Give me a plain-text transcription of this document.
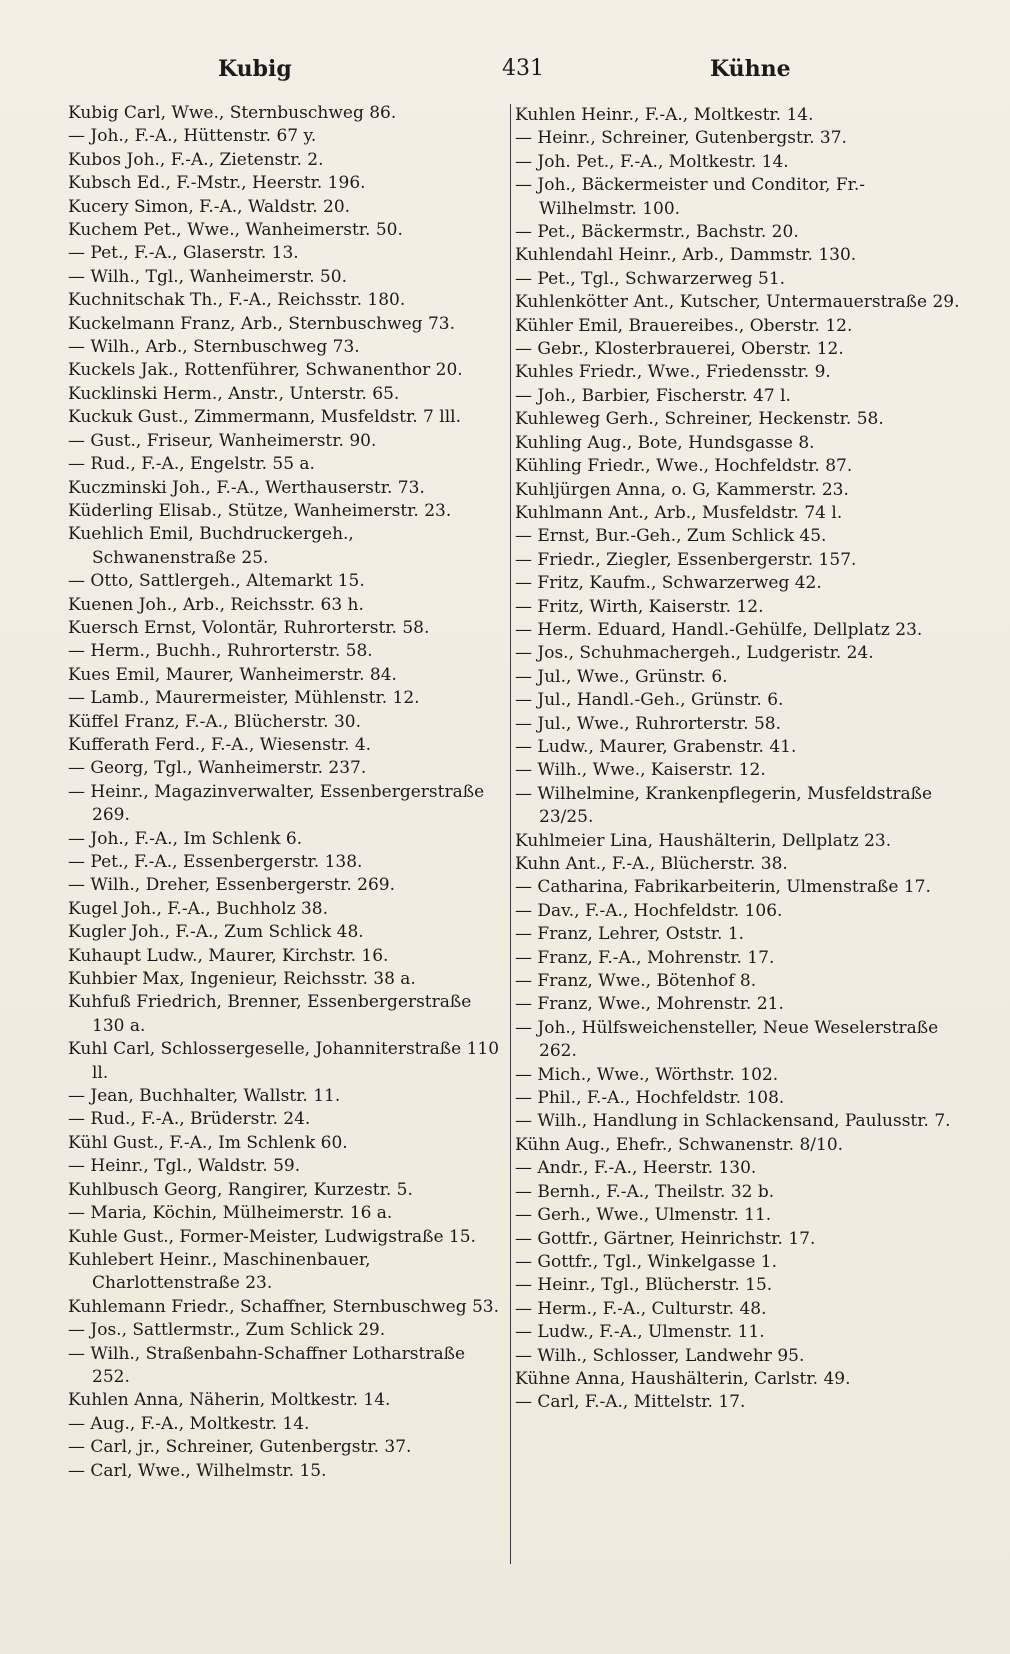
Kubig	431	Kühne

Kubig Carl, Wwe., Sternbuschweg 86.

— Joh., F.-A., Hüttenstr. 67 y.

Kubos Joh., F.-A., Zietenstr. 2.

Kubsch Ed., F.-Mstr., Heerstr. 196.

Kucery Simon, F.-A., Waldstr. 20.

Kuchem Pet., Wwe., Wanheimerstr. 50.

— Pet., F.-A., Glaserstr. 13.

— Wilh., Tgl., Wanheimerstr. 50.

Kuchnitschak Th., F.-A., Reichsstr. 180.

Kuckelmann Franz, Arb., Sternbuschweg 73.

— Wilh., Arb., Sternbuschweg 73.

Kuckels Jak., Rottenführer, Schwanenthor 20.

Kucklinski Herm., Anstr., Unterstr. 65.

Kuckuk Gust., Zimmermann, Musfeldstr. 7 lll.

— Gust., Friseur, Wanheimerstr. 90.

— Rud., F.-A., Engelstr. 55 a.

Kuczminski Joh., F.-A., Werthauserstr. 73.

Küderling Elisab., Stütze, Wanheimerstr. 23.

Kuehlich Emil, Buchdruckergeh., Schwanenstraße 25.

— Otto, Sattlergeh., Altemarkt 15.

Kuenen Joh., Arb., Reichsstr. 63 h.

Kuersch Ernst, Volontär, Ruhrorterstr. 58.

— Herm., Buchh., Ruhrorterstr. 58.

Kues Emil, Maurer, Wanheimerstr. 84.

— Lamb., Maurermeister, Mühlenstr. 12.

Küffel Franz, F.-A., Blücherstr. 30.

Kufferath Ferd., F.-A., Wiesenstr. 4.

— Georg, Tgl., Wanheimerstr. 237.

— Heinr., Magazinverwalter, Essenbergerstraße 269.

— Joh., F.-A., Im Schlenk 6.

— Pet., F.-A., Essenbergerstr. 138.

— Wilh., Dreher, Essenbergerstr. 269.

Kugel Joh., F.-A., Buchholz 38.

Kugler Joh., F.-A., Zum Schlick 48.

Kuhaupt Ludw., Maurer, Kirchstr. 16.

Kuhbier Max, Ingenieur, Reichsstr. 38 a.

Kuhfuß Friedrich, Brenner, Essenbergerstraße 130 a.

Kuhl Carl, Schlossergeselle, Johanniterstraße 110 ll.

— Jean, Buchhalter, Wallstr. 11.

— Rud., F.-A., Brüderstr. 24.

Kühl Gust., F.-A., Im Schlenk 60.

— Heinr., Tgl., Waldstr. 59.

Kuhlbusch Georg, Rangirer, Kurzestr. 5.

— Maria, Köchin, Mülheimerstr. 16 a.

Kuhle Gust., Former-Meister, Ludwigstraße 15.

Kuhlebert Heinr., Maschinenbauer, Charlottenstraße 23.

Kuhlemann Friedr., Schaffner, Sternbuschweg 53.

— Jos., Sattlermstr., Zum Schlick 29.

— Wilh., Straßenbahn-Schaffner Lotharstraße 252.

Kuhlen Anna, Näherin, Moltkestr. 14.

— Aug., F.-A., Moltkestr. 14.

— Carl, jr., Schreiner, Gutenbergstr. 37.

— Carl, Wwe., Wilhelmstr. 15.

Kuhlen Heinr., F.-A., Moltkestr. 14.

— Heinr., Schreiner, Gutenbergstr. 37.

— Joh. Pet., F.-A., Moltkestr. 14.

— Joh., Bäckermeister und Conditor, Fr.-Wilhelmstr. 100.

— Pet., Bäckermstr., Bachstr. 20.

Kuhlendahl Heinr., Arb., Dammstr. 130.

— Pet., Tgl., Schwarzerweg 51.

Kuhlenkötter Ant., Kutscher, Untermauerstraße 29.

Kühler Emil, Brauereibes., Oberstr. 12.

— Gebr., Klosterbrauerei, Oberstr. 12.

Kuhles Friedr., Wwe., Friedensstr. 9.

— Joh., Barbier, Fischerstr. 47 l.

Kuhleweg Gerh., Schreiner, Heckenstr. 58.

Kuhling Aug., Bote, Hundsgasse 8.

Kühling Friedr., Wwe., Hochfeldstr. 87.

Kuhljürgen Anna, o. G, Kammerstr. 23.

Kuhlmann Ant., Arb., Musfeldstr. 74 l.

— Ernst, Bur.-Geh., Zum Schlick 45.

— Friedr., Ziegler, Essenbergerstr. 157.

— Fritz, Kaufm., Schwarzerweg 42.

— Fritz, Wirth, Kaiserstr. 12.

— Herm. Eduard, Handl.-Gehülfe, Dellplatz 23.

— Jos., Schuhmachergeh., Ludgeristr. 24.

— Jul., Wwe., Grünstr. 6.

— Jul., Handl.-Geh., Grünstr. 6.

— Jul., Wwe., Ruhrorterstr. 58.

— Ludw., Maurer, Grabenstr. 41.

— Wilh., Wwe., Kaiserstr. 12.

— Wilhelmine, Krankenpflegerin, Musfeldstraße 23/25.

Kuhlmeier Lina, Haushälterin, Dellplatz 23.

Kuhn Ant., F.-A., Blücherstr. 38.

— Catharina, Fabrikarbeiterin, Ulmenstraße 17.

— Dav., F.-A., Hochfeldstr. 106.

— Franz, Lehrer, Oststr. 1.

— Franz, F.-A., Mohrenstr. 17.

— Franz, Wwe., Bötenhof 8.

— Franz, Wwe., Mohrenstr. 21.

— Joh., Hülfsweichensteller, Neue Weselerstraße 262.

— Mich., Wwe., Wörthstr. 102.

— Phil., F.-A., Hochfeldstr. 108.

— Wilh., Handlung in Schlackensand, Paulusstr. 7.

Kühn Aug., Ehefr., Schwanenstr. 8/10.

— Andr., F.-A., Heerstr. 130.

— Bernh., F.-A., Theilstr. 32 b.

— Gerh., Wwe., Ulmenstr. 11.

— Gottfr., Gärtner, Heinrichstr. 17.

— Gottfr., Tgl., Winkelgasse 1.

— Heinr., Tgl., Blücherstr. 15.

— Herm., F.-A., Culturstr. 48.

— Ludw., F.-A., Ulmenstr. 11.

— Wilh., Schlosser, Landwehr 95.

Kühne Anna, Haushälterin, Carlstr. 49.

— Carl, F.-A., Mittelstr. 17.
